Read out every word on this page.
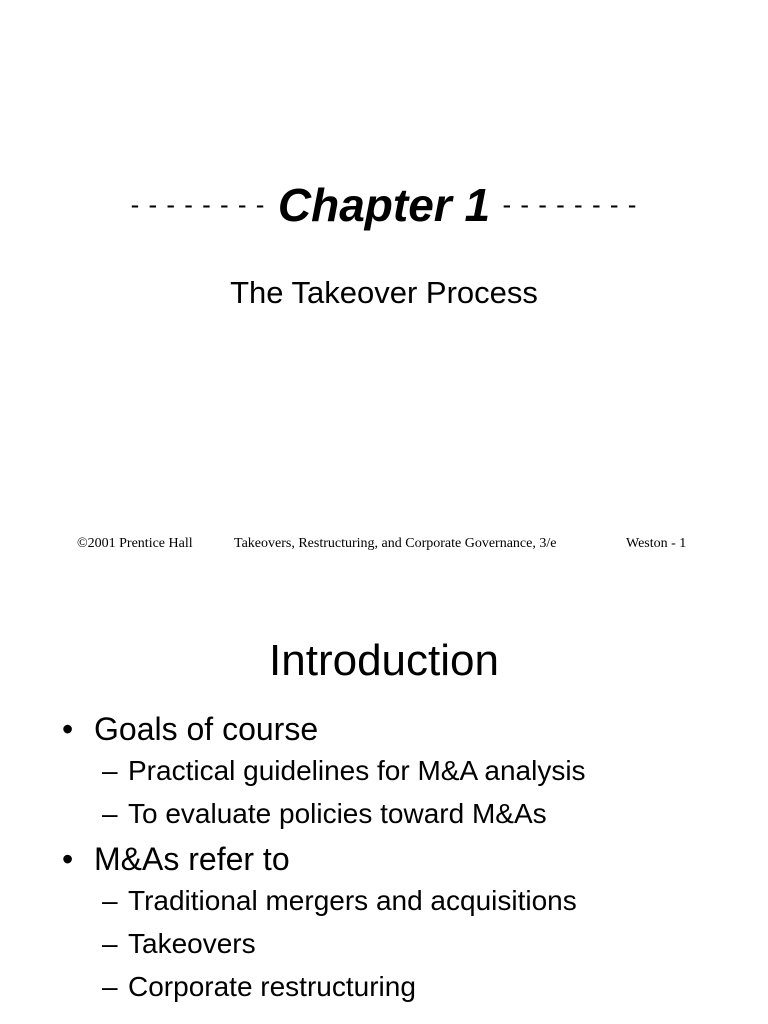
- - - - - - - - Chapter 1 - - - - - - - -
The Takeover Process
©2001 Prentice Hall	Takeovers, Restructuring, and Corporate Governance, 3/e	Weston - 1
Introduction
• Goals of course
– Practical guidelines for M&A analysis
– To evaluate policies toward M&As
• M&As refer to
– Traditional mergers and acquisitions
– Takeovers
– Corporate restructuring
